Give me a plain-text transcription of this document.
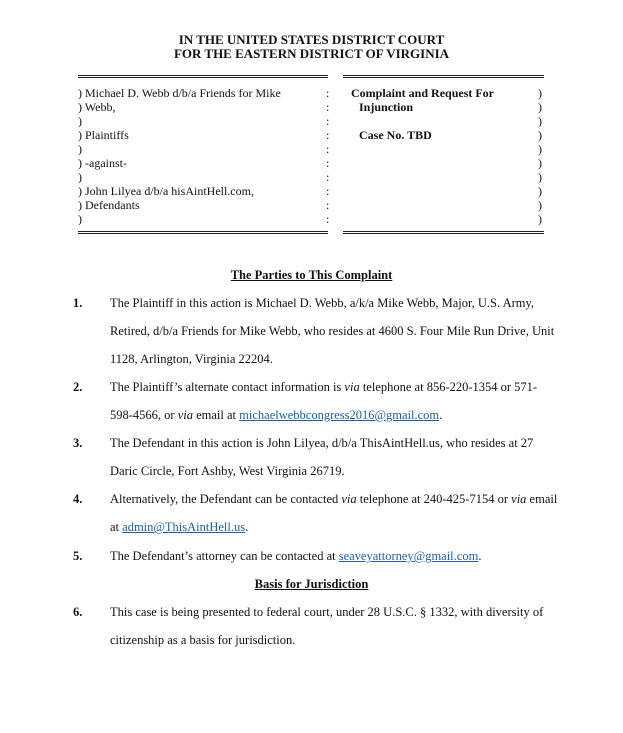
IN THE UNITED STATES DISTRICT COURT
FOR THE EASTERN DISTRICT OF VIRGINIA
) Michael D. Webb d/b/a Friends for Mike
) Webb,
)
) Plaintiffs
)
) -against-
)
) John Lilyea d/b/a hisAintHell.com,
) Defendants
)
:
:
:
:
:
:
:
:
:
:
Complaint and Request For
Injunction
Case No. TBD
)
)
)
)
)
)
)
)
)
)
The Parties to This Complaint
1. The Plaintiff in this action is Michael D. Webb, a/k/a Mike Webb, Major, U.S. Army,
Retired, d/b/a Friends for Mike Webb, who resides at 4600 S. Four Mile Run Drive, Unit
1128, Arlington, Virginia 22204.
2. The Plaintiff’s alternate contact information is via telephone at 856-220-1354 or 571-
598-4566, or via email at michaelwebbcongress2016@gmail.com.
3. The Defendant in this action is John Lilyea, d/b/a ThisAintHell.us, who resides at 27
Daric Circle, Fort Ashby, West Virginia 26719.
4. Alternatively, the Defendant can be contacted via telephone at 240-425-7154 or via email
at admin@ThisAintHell.us.
5. The Defendant’s attorney can be contacted at seaveyattorney@gmail.com.
Basis for Jurisdiction
6. This case is being presented to federal court, under 28 U.S.C. § 1332, with diversity of
citizenship as a basis for jurisdiction.
